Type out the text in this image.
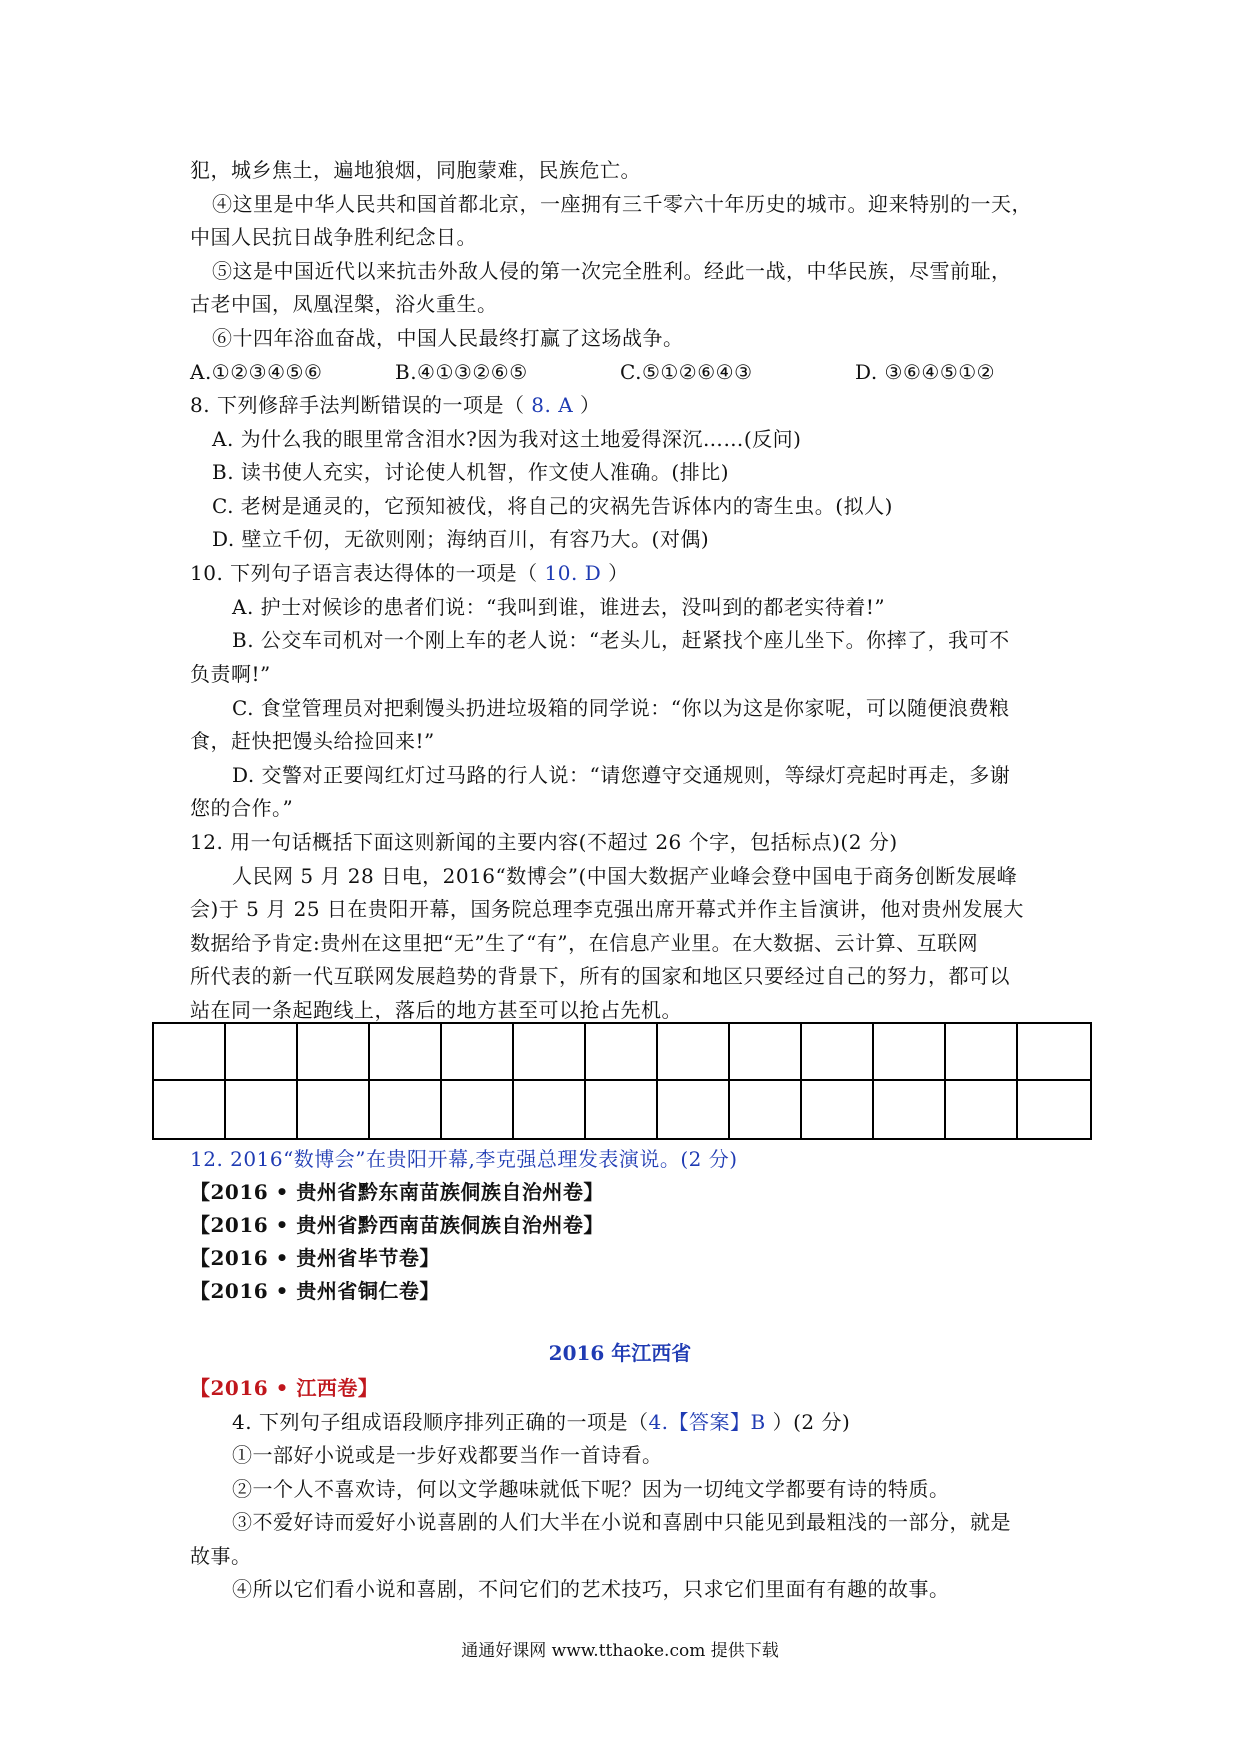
犯，城乡焦土，遍地狼烟，同胞蒙难，民族危亡。
④这里是中华人民共和国首都北京，一座拥有三千零六十年历史的城市。迎来特别的一天，
中国人民抗日战争胜利纪念日。
⑤这是中国近代以来抗击外敌人侵的第一次完全胜利。经此一战，中华民族，尽雪前耻，
古老中国，凤凰涅槃，浴火重生。
⑥十四年浴血奋战，中国人民最终打赢了这场战争。
A.①②③④⑤⑥	B.④①③②⑥⑤	C.⑤①②⑥④③	D. ③⑥④⑤①②
8. 下列修辞手法判断错误的一项是（ 8. A ）
A. 为什么我的眼里常含泪水?因为我对这土地爱得深沉……(反问)
B. 读书使人充实，讨论使人机智，作文使人准确。(排比)
C. 老树是通灵的，它预知被伐，将自己的灾祸先告诉体内的寄生虫。(拟人)
D. 壁立千仞，无欲则刚；海纳百川，有容乃大。(对偶)
10. 下列句子语言表达得体的一项是（ 10. D ）
A. 护士对候诊的患者们说：“我叫到谁，谁进去，没叫到的都老实待着!”
B. 公交车司机对一个刚上车的老人说：“老头儿，赶紧找个座儿坐下。你摔了，我可不
负责啊!”
C. 食堂管理员对把剩馒头扔进垃圾箱的同学说：“你以为这是你家呢，可以随便浪费粮
食，赶快把馒头给捡回来!”
D. 交警对正要闯红灯过马路的行人说：“请您遵守交通规则，等绿灯亮起时再走，多谢
您的合作。”
12. 用一句话概括下面这则新闻的主要内容(不超过 26 个字，包括标点)(2 分)
人民网 5 月 28 日电，2016“数博会”(中国大数据产业峰会登中国电于商务创断发展峰
会)于 5 月 25 日在贵阳开幕，国务院总理李克强出席开幕式并作主旨演讲，他对贵州发展大
数据给予肯定:贵州在这里把“无”生了“有”，在信息产业里。在大数据、云计算、互联网
所代表的新一代互联网发展趋势的背景下，所有的国家和地区只要经过自己的努力，都可以
站在同一条起跑线上，落后的地方甚至可以抢占先机。
12. 2016“数博会”在贵阳开幕,李克强总理发表演说。(2 分)
【2016 • 贵州省黔东南苗族侗族自治州卷】
【2016 • 贵州省黔西南苗族侗族自治州卷】
【2016 • 贵州省毕节卷】
【2016 • 贵州省铜仁卷】
2016 年江西省
【2016 • 江西卷】
4. 下列句子组成语段顺序排列正确的一项是（4.【答案】B ）(2 分)
①一部好小说或是一步好戏都要当作一首诗看。
②一个人不喜欢诗，何以文学趣味就低下呢？因为一切纯文学都要有诗的特质。
③不爱好诗而爱好小说喜剧的人们大半在小说和喜剧中只能见到最粗浅的一部分，就是
故事。
④所以它们看小说和喜剧，不问它们的艺术技巧，只求它们里面有有趣的故事。
通通好课网 www.tthaoke.com 提供下载
